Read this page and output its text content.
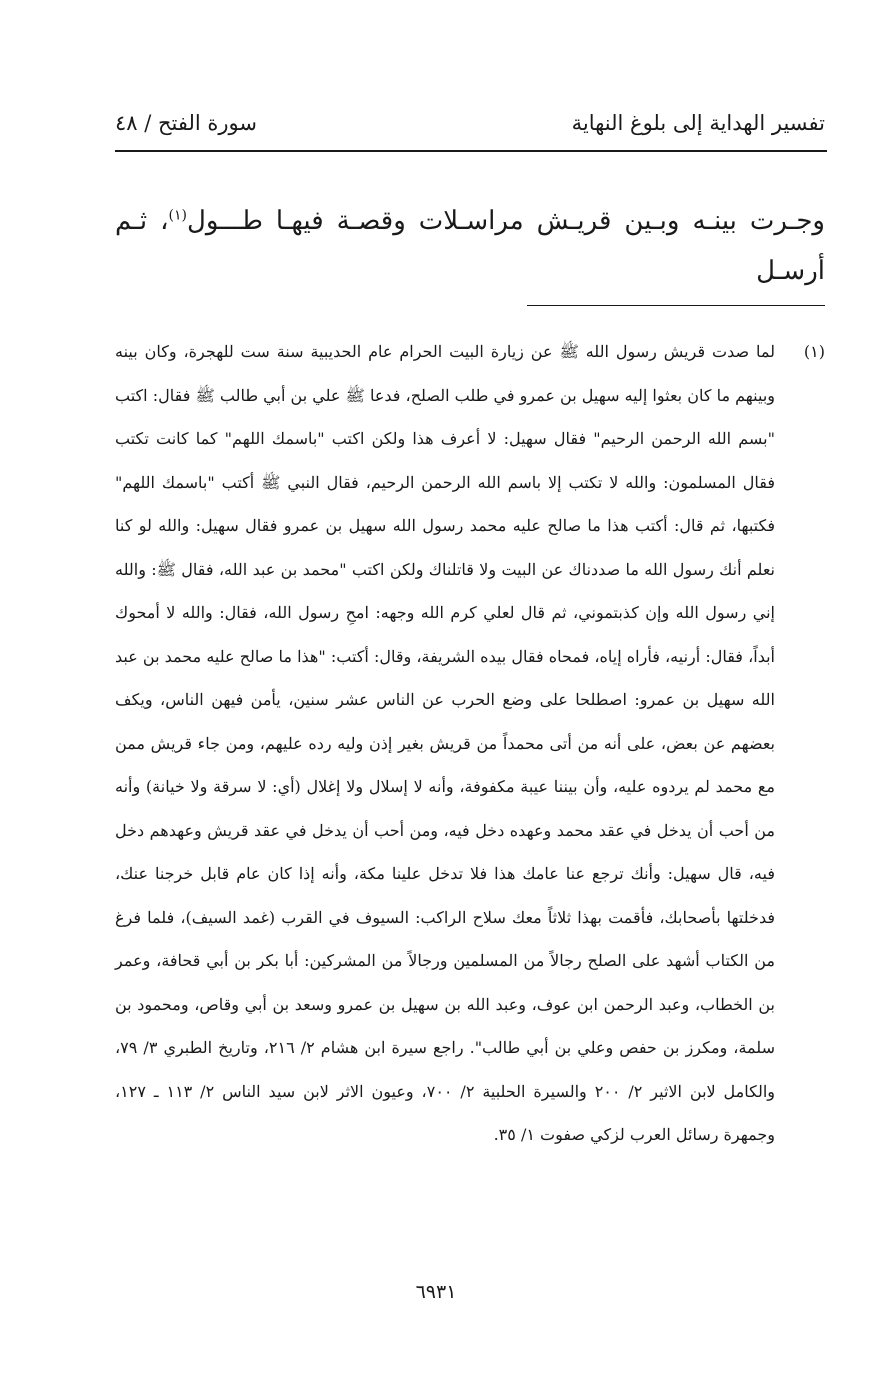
تفسير الهداية إلى بلوغ النهاية
سورة الفتح / ٤٨

وجـرت بينـه وبـين قريـش مراسـلات وقصـة فيهـا طـــول$^{(١)}$، ثـم أرسـل

(١)
لما صدت قريش رسول الله ﷺ عن زيارة البيت الحرام عام الحديبية سنة ست للهجرة، وكان بينه وبينهم ما كان بعثوا إليه سهيل بن عمرو في طلب الصلح، فدعا ﷺ علي بن أبي طالب ﷺ فقال: اكتب "بسم الله الرحمن الرحيم" فقال سهيل: لا أعرف هذا ولكن اكتب "باسمك اللهم" كما كانت تكتب فقال المسلمون: والله لا تكتب إلا باسم الله الرحمن الرحيم، فقال النبي ﷺ أكتب "باسمك اللهم" فكتبها، ثم قال: أكتب هذا ما صالح عليه محمد رسول الله سهيل بن عمرو فقال سهيل: والله لو كنا نعلم أنك رسول الله ما صددناك عن البيت ولا قاتلناك ولكن اكتب "محمد بن عبد الله، فقال ﷺ: والله إني رسول الله وإن كذبتموني، ثم قال لعلي كرم الله وجهه: امحِ رسول الله، فقال: والله لا أمحوك أبداً، فقال: أرنيه، فأراه إياه، فمحاه فقال بيده الشريفة، وقال: أكتب: "هذا ما صالح عليه محمد بن عبد الله سهيل بن عمرو: اصطلحا على وضع الحرب عن الناس عشر سنين، يأمن فيهن الناس، ويكف بعضهم عن بعض، على أنه من أتى محمداً من قريش بغير إذن وليه رده عليهم، ومن جاء قريش ممن مع محمد لم يردوه عليه، وأن بيننا عيبة مكفوفة، وأنه لا إسلال ولا إغلال (أي: لا سرقة ولا خيانة) وأنه من أحب أن يدخل في عقد محمد وعهده دخل فيه، ومن أحب أن يدخل في عقد قريش وعهدهم دخل فيه، قال سهيل: وأنك ترجع عنا عامك هذا فلا تدخل علينا مكة، وأنه إذا كان عام قابل خرجنا عنك، فدخلتها بأصحابك، فأقمت بهذا ثلاثاً معك سلاح الراكب: السيوف في القرب (غمد السيف)، فلما فرغ من الكتاب أشهد على الصلح رجالاً من المسلمين ورجالاً من المشركين: أبا بكر بن أبي قحافة، وعمر بن الخطاب، وعبد الرحمن ابن عوف، وعبد الله بن سهيل بن عمرو وسعد بن أبي وقاص، ومحمود بن سلمة، ومكرز بن حفص وعلي بن أبي طالب". راجع سيرة ابن هشام ٢/ ٢١٦، وتاريخ الطبري ٣/ ٧٩، والكامل لابن الاثير ٢/ ٢٠٠ والسيرة الحلبية ٢/ ٧٠٠، وعيون الاثر لابن سيد الناس ٢/ ١١٣ ـ ١٢٧، وجمهرة رسائل العرب لزكي صفوت ١/ ٣٥.
٦٩٣١
